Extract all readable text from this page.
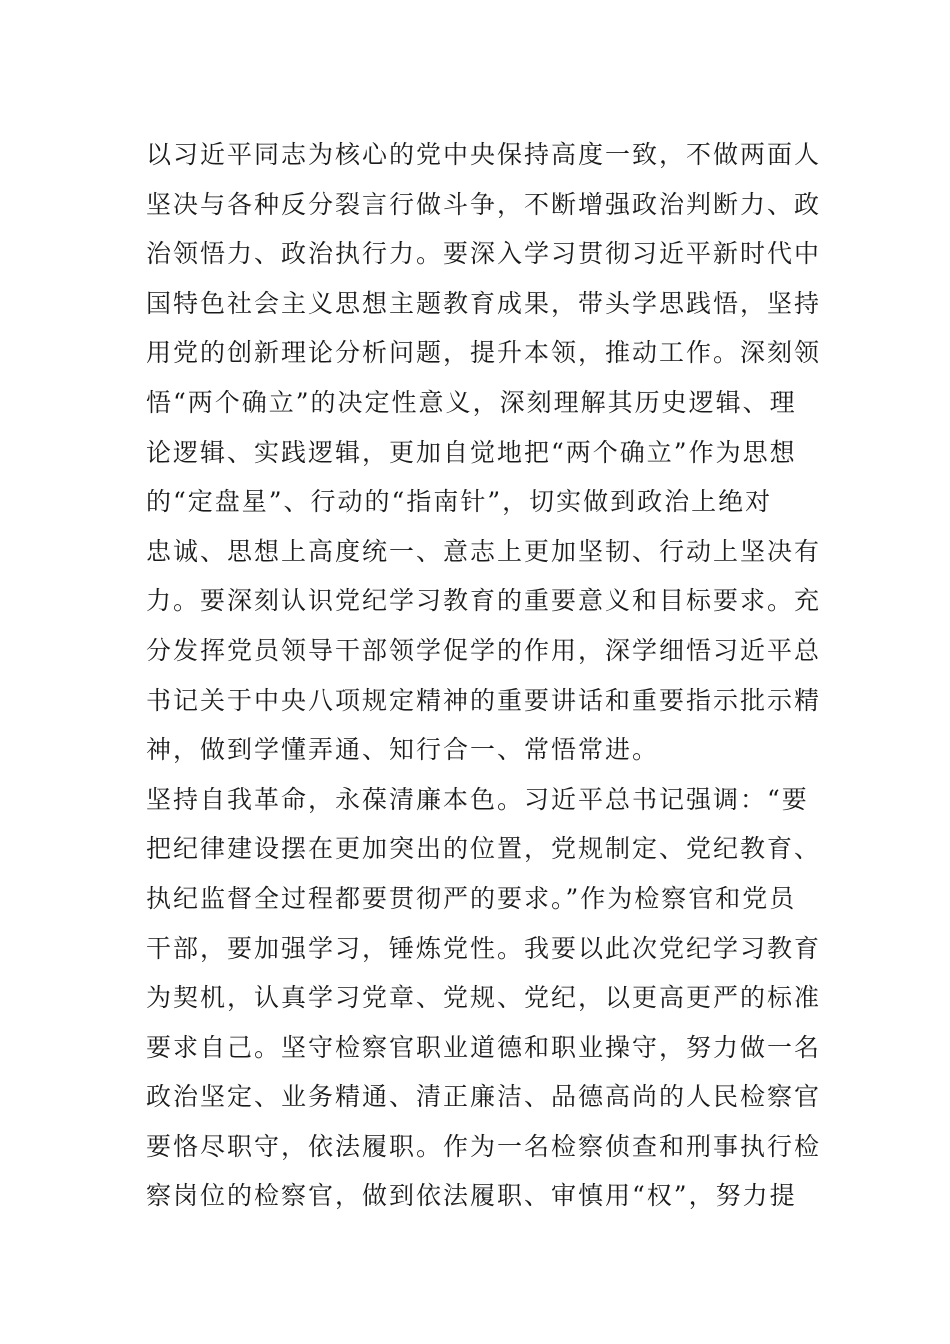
以习近平同志为核心的党中央保持高度一致，不做两面人
坚决与各种反分裂言行做斗争，不断增强政治判断力、政
治领悟力、政治执行力。要深入学习贯彻习近平新时代中
国特色社会主义思想主题教育成果，带头学思践悟，坚持
用党的创新理论分析问题，提升本领，推动工作。深刻领
悟“两个确立”的决定性意义，深刻理解其历史逻辑、理
论逻辑、实践逻辑，更加自觉地把“两个确立”作为思想
的“定盘星”、行动的“指南针”，切实做到政治上绝对
忠诚、思想上高度统一、意志上更加坚韧、行动上坚决有
力。要深刻认识党纪学习教育的重要意义和目标要求。充
分发挥党员领导干部领学促学的作用，深学细悟习近平总
书记关于中央八项规定精神的重要讲话和重要指示批示精
神，做到学懂弄通、知行合一、常悟常进。
坚持自我革命，永葆清廉本色。习近平总书记强调：“要
把纪律建设摆在更加突出的位置，党规制定、党纪教育、
执纪监督全过程都要贯彻严的要求。”作为检察官和党员
干部，要加强学习，锤炼党性。我要以此次党纪学习教育
为契机，认真学习党章、党规、党纪，以更高更严的标准
要求自己。坚守检察官职业道德和职业操守，努力做一名
政治坚定、业务精通、清正廉洁、品德高尚的人民检察官
要恪尽职守，依法履职。作为一名检察侦查和刑事执行检
察岗位的检察官，做到依法履职、审慎用“权”，努力提
